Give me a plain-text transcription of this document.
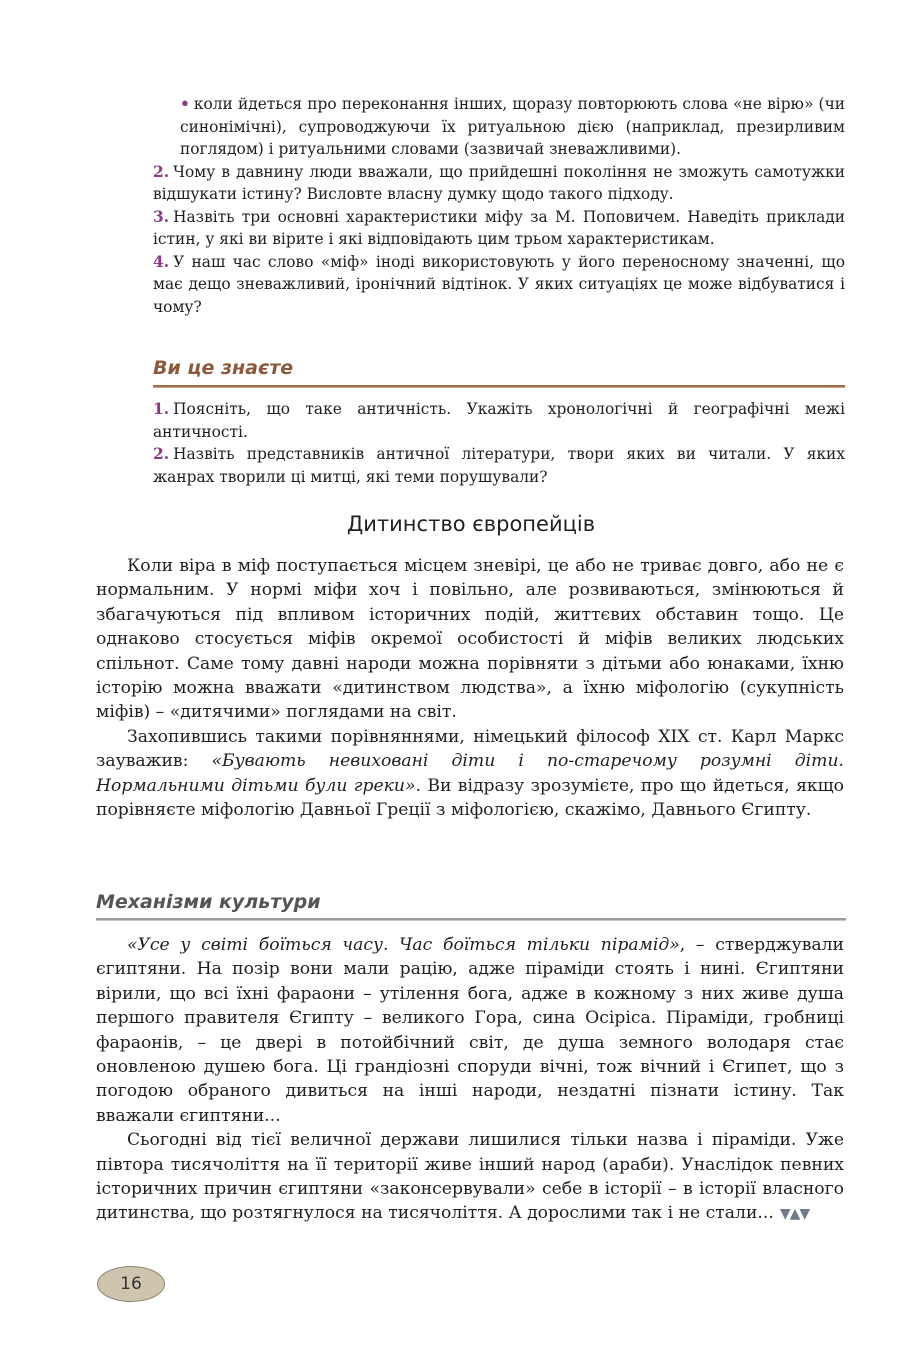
• коли йдеться про переконання інших, щоразу повторюють слова «не вірю» (чи синонімічні), супроводжуючи їх ритуальною дією (наприклад, презирливим поглядом) і ритуальними словами (зазвичай зневажливими).

2. Чому в давнину люди вважали, що прийдешні покоління не зможуть самотужки відшукати істину? Висловте власну думку щодо такого підходу.

3. Назвіть три основні характеристики міфу за М. Поповичем. Наведіть приклади істин, у які ви вірите і які відповідають цим трьом характеристикам.

4. У наш час слово «міф» іноді використовують у його переносному значенні, що має дещо зневажливий, іронічний відтінок. У яких ситуаціях це може відбуватися і чому?

Ви це знаєте

1. Поясніть, що таке античність. Укажіть хронологічні й географічні межі античності.

2. Назвіть представників античної літератури, твори яких ви читали. У яких жанрах творили ці митці, які теми порушували?

Дитинство європейців

Коли віра в міф поступається місцем зневірі, це або не триває довго, або не є нормальним. У нормі міфи хоч і повільно, але розвиваються, змінюються й збагачуються під впливом історичних подій, життєвих обставин тощо. Це однаково стосується міфів окремої особистості й міфів великих людських спільнот. Саме тому давні народи можна порівняти з дітьми або юнаками, їхню історію можна вважати «дитинством людства», а їхню міфологію (сукупність міфів) – «дитячими» поглядами на світ.

Захопившись такими порівняннями, німецький філософ XIX ст. Карл Маркс зауважив: «Бувають невиховані діти і по-старечому розумні діти. Нормальними дітьми були греки». Ви відразу зрозумієте, про що йдеться, якщо порівняєте міфологію Давньої Греції з міфологією, скажімо, Давнього Єгипту.

Механізми культури

«Усе у світі боїться часу. Час боїться тільки пірамід», – стверджували єгиптяни. На позір вони мали рацію, адже піраміди стоять і нині. Єгиптяни вірили, що всі їхні фараони – утілення бога, адже в кожному з них живе душа першого правителя Єгипту – великого Гора, сина Осіріса. Піраміди, гробниці фараонів, – це двері в потойбічний світ, де душа земного володаря стає оновленою душею бога. Ці грандіозні споруди вічні, тож вічний і Єгипет, що з погодою обраного дивиться на інші народи, нездатні пізнати істину. Так вважали єгиптяни...

Сьогодні від тієї величної держави лишилися тільки назва і піраміди. Уже півтора тисячоліття на її території живе інший народ (араби). Унаслідок певних історичних причин єгиптяни «законсервували» себе в історії – в історії власного дитинства, що розтягнулося на тисячоліття. А дорослими так і не стали... ▼▲▼

16
